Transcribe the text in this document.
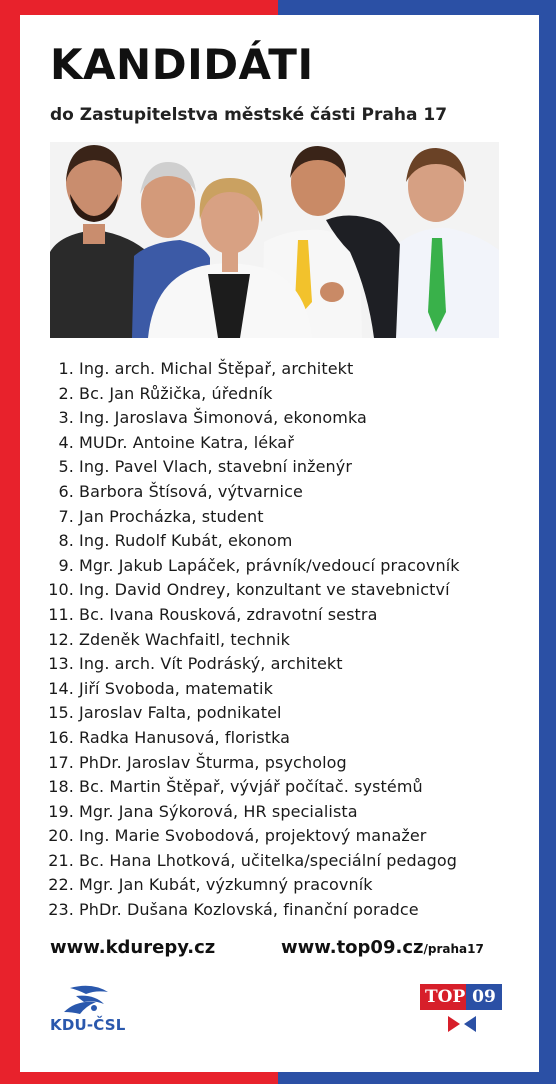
KANDIDÁTI
do Zastupitelstva městské části Praha 17
1. Ing. arch. Michal Štěpař, architekt
2. Bc. Jan Růžička, úředník
3. Ing. Jaroslava Šimonová, ekonomka
4. MUDr. Antoine Katra, lékař
5. Ing. Pavel Vlach, stavební inženýr
6. Barbora Štísová, výtvarnice
7. Jan Procházka, student
8. Ing. Rudolf Kubát, ekonom
9. Mgr. Jakub Lapáček, právník/vedoucí pracovník
10. Ing. David Ondrey, konzultant ve stavebnictví
11. Bc. Ivana Rousková, zdravotní sestra
12. Zdeněk Wachfaitl, technik
13. Ing. arch. Vít Podráský, architekt
14. Jiří Svoboda, matematik
15. Jaroslav Falta, podnikatel
16. Radka Hanusová, floristka
17. PhDr. Jaroslav Šturma, psycholog
18. Bc. Martin Štěpař, vývjář počítač. systémů
19. Mgr. Jana Sýkorová, HR specialista
20. Ing. Marie Svobodová, projektový manažer
21. Bc. Hana Lhotková, učitelka/speciální pedagog
22. Mgr. Jan Kubát, výzkumný pracovník
23. PhDr. Dušana Kozlovská, finanční poradce
www.kdurepy.cz	www.top09.cz/praha17
KDU-ČSL
TOP 09
